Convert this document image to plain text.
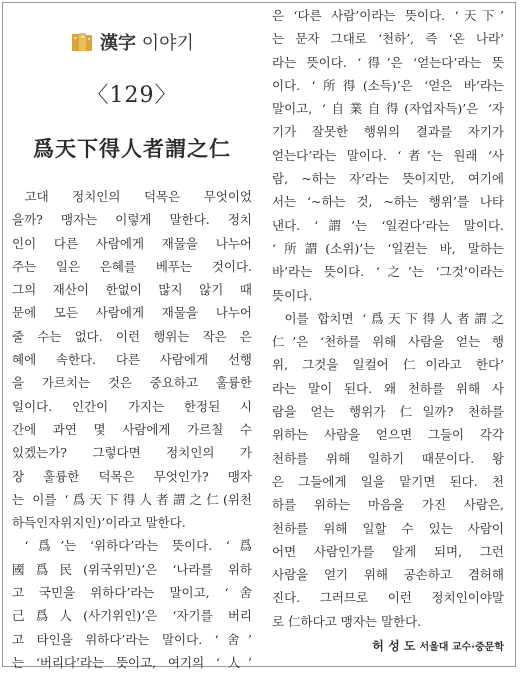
漢字 이야기
〈129〉
爲天下得人者謂之仁
고대 정치인의 덕목은 무엇이었
을까? 맹자는 이렇게 말한다. 정치
인이 다른 사람에게 재물을 나누어
주는 일은 은혜를 베푸는 것이다.
그의 재산이 한없이 많지 않기 때
문에 모든 사람에게 재물을 나누어
줄 수는 없다. 이런 행위는 작은 은
혜에 속한다. 다른 사람에게 선행
을 가르치는 것은 중요하고 훌륭한
일이다. 인간이 가지는 한정된 시
간에 과연 몇 사람에게 가르칠 수
있겠는가? 그렇다면 정치인의 가
장 훌륭한 덕목은 무엇인가? 맹자
는 이를 ‘爲天下得人者謂之仁(위천
하득인자위지인)’이라고 말한다.
‘爲’는 ‘위하다’라는 뜻이다. ‘爲
國爲民(위국위민)’은 ‘나라를 위하
고 국민을 위하다’라는 말이고, ‘舍
己爲人(사기위인)’은 ‘자기를 버리
고 타인을 위하다’라는 말이다. ‘舍’
는 ‘버리다’라는 뜻이고, 여기의 ‘人’
은 ‘다른 사람’이라는 뜻이다. ‘天下’
는 문자 그대로 ‘천하’, 즉 ‘온 나라’
라는 뜻이다. ‘得’은 ‘얻는다’라는 뜻
이다. ‘所得(소득)’은 ‘얻은 바’라는
말이고, ‘自業自得(자업자득)’은 ‘자
기가 잘못한 행위의 결과를 자기가
얻는다’라는 말이다. ‘者’는 원래 ‘사
람, ~하는 자’라는 뜻이지만, 여기에
서는 ‘~하는 것, ~하는 행위’를 나타
낸다. ‘謂’는 ‘일컫다’라는 말이다.
‘所謂(소위)’는 ‘일컫는 바, 말하는
바’라는 뜻이다. ‘之’는 ‘그것’이라는
뜻이다.
이를 합치면 ‘爲天下得人者謂之
仁’은 ‘천하를 위해 사람을 얻는 행
위, 그것을 일컬어 仁이라고 한다’
라는 말이 된다. 왜 천하를 위해 사
람을 얻는 행위가 仁일까? 천하를
위하는 사람을 얻으면 그들이 각각
천하를 위해 일하기 때문이다. 왕
은 그들에게 일을 맡기면 된다. 천
하를 위하는 마음을 가진 사람은,
천하를 위해 일할 수 있는 사람이
어면 사람인가를 알게 되며, 그런
사람을 얻기 위해 공손하고 겸허해
진다. 그러므로 이런 정치인이야말
로 仁하다고 맹자는 말한다.
허 성 도 서울대 교수·중문학
